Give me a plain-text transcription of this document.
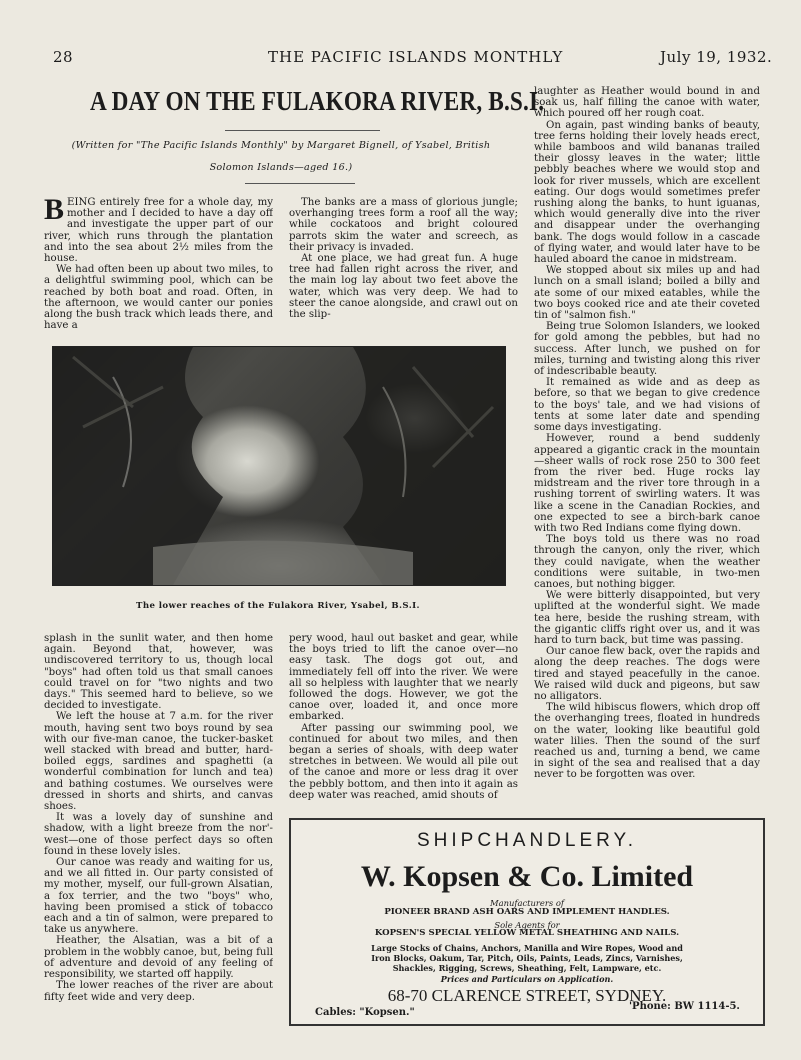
28	THE PACIFIC ISLANDS MONTHLY	July 19, 1932.
A DAY ON THE FULAKORA RIVER, B.S.I.
(Written for "The Pacific Islands Monthly" by Margaret Bignell, of Ysabel, British
Solomon Islands—aged 16.)
B EING entirely free for a whole day, my mother and I decided to have a day off and investigate the upper part of our river, which runs through the plantation and into the sea about 2½ miles from the house.

We had often been up about two miles, to a delightful swimming pool, which can be reached by both boat and road. Often, in the afternoon, we would canter our ponies along the bush track which leads there, and have a

The banks are a mass of glorious jungle; overhanging trees form a roof all the way; while cockatoos and bright coloured parrots skim the water and screech, as their privacy is invaded.

At one place, we had great fun. A huge tree had fallen right across the river, and the main log lay about two feet above the water, which was very deep. We had to steer the canoe alongside, and crawl out on the slip-

The lower reaches of the Fulakora River, Ysabel, B.S.I.

splash in the sunlit water, and then home again. Beyond that, however, was undiscovered territory to us, though local "boys" had often told us that small canoes could travel on for "two nights and two days." This seemed hard to believe, so we decided to investigate.

We left the house at 7 a.m. for the river mouth, having sent two boys round by sea with our five-man canoe, the tucker-basket well stacked with bread and butter, hard-boiled eggs, sardines and spaghetti (a wonderful combination for lunch and tea) and bathing costumes. We ourselves were dressed in shorts and shirts, and canvas shoes.

It was a lovely day of sunshine and shadow, with a light breeze from the nor'-west—one of those perfect days so often found in these lovely isles.

Our canoe was ready and waiting for us, and we all fitted in. Our party consisted of my mother, myself, our full-grown Alsatian, a fox terrier, and the two "boys" who, having been promised a stick of tobacco each and a tin of salmon, were prepared to take us anywhere.

Heather, the Alsatian, was a bit of a problem in the wobbly canoe, but, being full of adventure and devoid of any feeling of responsibility, we started off happily.

The lower reaches of the river are about fifty feet wide and very deep.

pery wood, haul out basket and gear, while the boys tried to lift the canoe over—no easy task. The dogs got out, and immediately fell off into the river. We were all so helpless with laughter that we nearly followed the dogs. However, we got the canoe over, loaded it, and once more embarked.

After passing our swimming pool, we continued for about two miles, and then began a series of shoals, with deep water stretches in between. We would all pile out of the canoe and more or less drag it over the pebbly bottom, and then into it again as deep water was reached, amid shouts of

laughter as Heather would bound in and soak us, half filling the canoe with water, which poured off her rough coat.

On again, past winding banks of beauty, tree ferns holding their lovely heads erect, while bamboos and wild bananas trailed their glossy leaves in the water; little pebbly beaches where we would stop and look for river mussels, which are excellent eating. Our dogs would sometimes prefer rushing along the banks, to hunt iguanas, which would generally dive into the river and disappear under the overhanging bank. The dogs would follow in a cascade of flying water, and would later have to be hauled aboard the canoe in midstream.

We stopped about six miles up and had lunch on a small island; boiled a billy and ate some of our mixed eatables, while the two boys cooked rice and ate their coveted tin of "salmon fish."

Being true Solomon Islanders, we looked for gold among the pebbles, but had no success. After lunch, we pushed on for miles, turning and twisting along this river of indescribable beauty.

It remained as wide and as deep as before, so that we began to give credence to the boys' tale, and we had visions of tents at some later date and spending some days investigating.

However, round a bend suddenly appeared a gigantic crack in the mountain—sheer walls of rock rose 250 to 300 feet from the river bed. Huge rocks lay midstream and the river tore through in a rushing torrent of swirling waters. It was like a scene in the Canadian Rockies, and one expected to see a birch-bark canoe with two Red Indians come flying down.

The boys told us there was no road through the canyon, only the river, which they could navigate, when the weather conditions were suitable, in two-men canoes, but nothing bigger.

We were bitterly disappointed, but very uplifted at the wonderful sight. We made tea here, beside the rushing stream, with the gigantic cliffs right over us, and it was hard to turn back, but time was passing.

Our canoe flew back, over the rapids and along the deep reaches. The dogs were tired and stayed peacefully in the canoe. We raised wild duck and pigeons, but saw no alligators.

The wild hibiscus flowers, which drop off the overhanging trees, floated in hundreds on the water, looking like beautiful gold water lilies. Then the sound of the surf reached us and, turning a bend, we came in sight of the sea and realised that a day never to be forgotten was over.

SHIPCHANDLERY.
W. Kopsen & Co. Limited
Manufacturers of
PIONEER BRAND ASH OARS AND IMPLEMENT HANDLES.
Sole Agents for
KOPSEN'S SPECIAL YELLOW METAL SHEATHING AND NAILS.
Large Stocks of Chains, Anchors, Manilla and Wire Ropes, Wood and
Iron Blocks, Oakum, Tar, Pitch, Oils, Paints, Leads, Zincs, Varnishes,
Shackles, Rigging, Screws, Sheathing, Felt, Lampware, etc.
Prices and Particulars on Application.
68-70 CLARENCE STREET, SYDNEY.
Cables: "Kopsen."
'Phone: BW 1114-5.
